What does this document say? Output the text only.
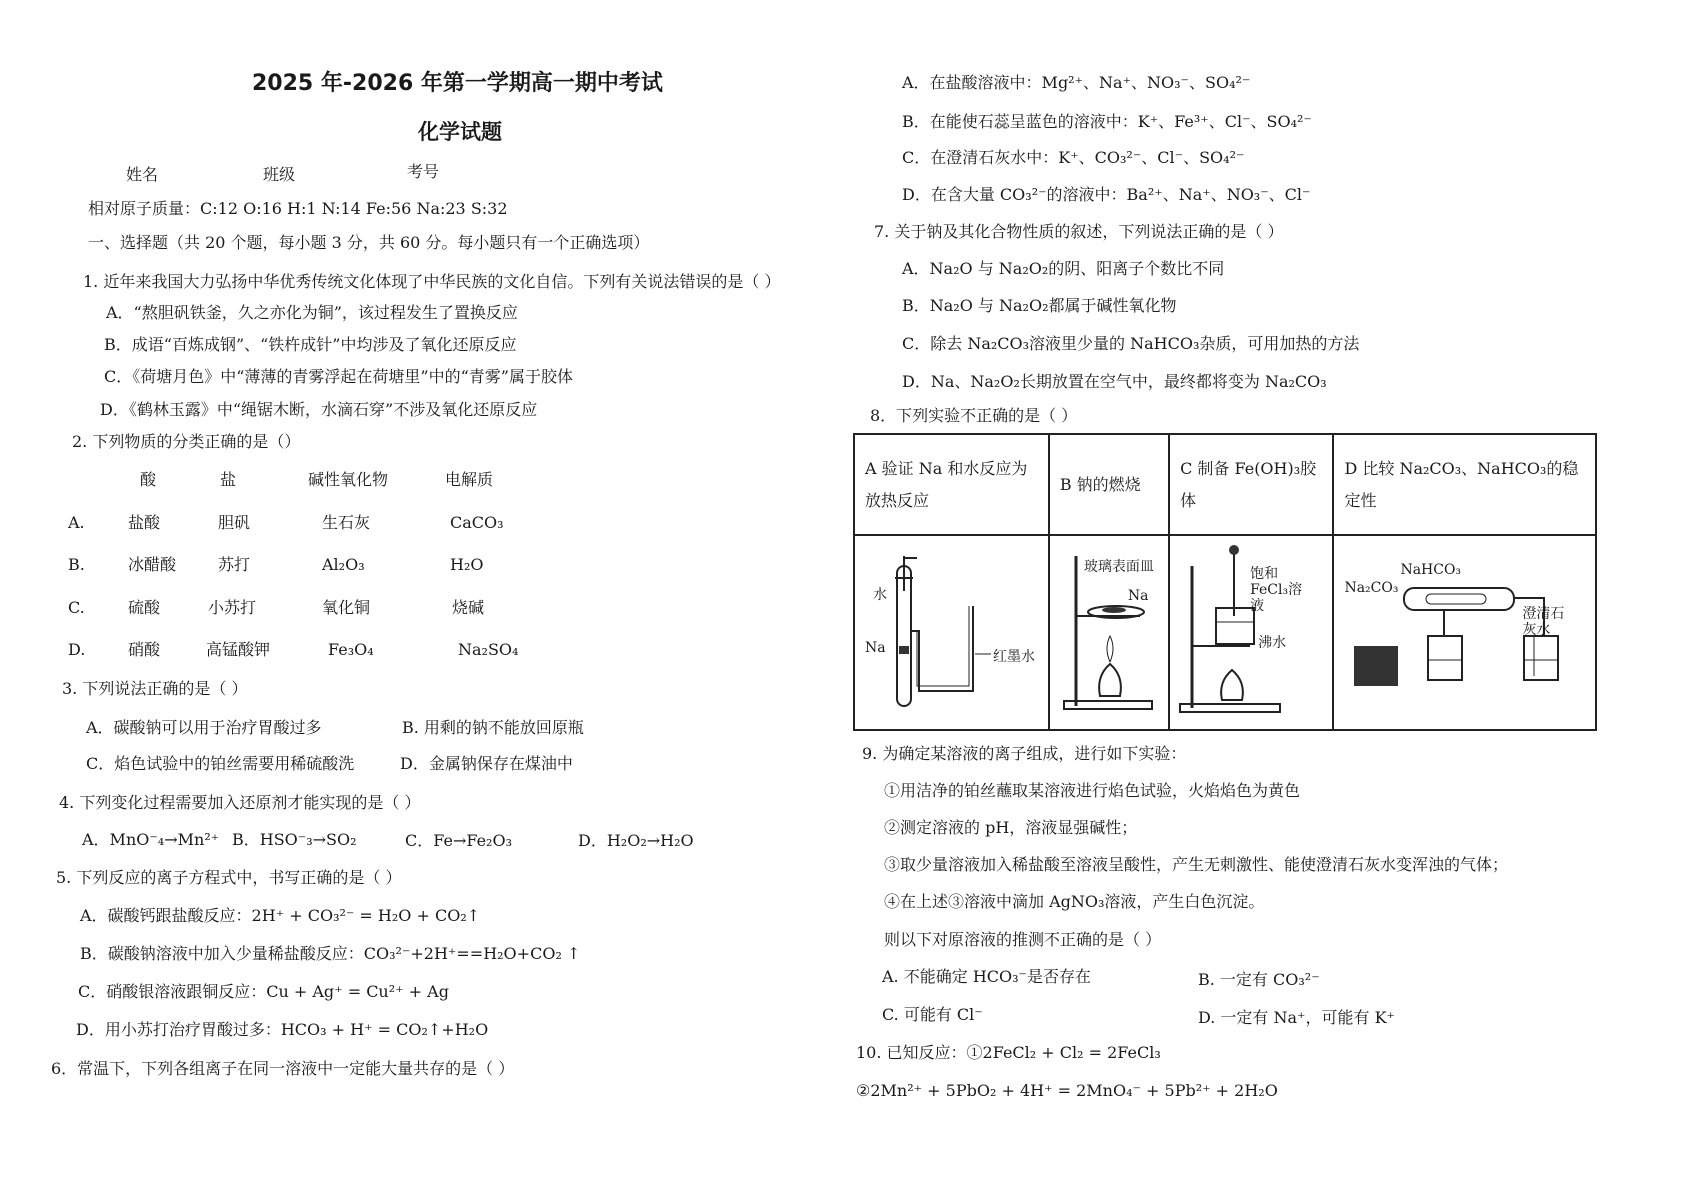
2025 年-2026 年第一学期高一期中考试
化学试题
姓名	班级	考号
相对原子质量：C:12 O:16 H:1 N:14 Fe:56 Na:23 S:32
一、选择题（共 20 个题，每小题 3 分，共 60 分。每小题只有一个正确选项）
1. 近年来我国大力弘扬中华优秀传统文化体现了中华民族的文化自信。下列有关说法错误的是（ ）
A．“熬胆矾铁釜，久之亦化为铜”，该过程发生了置换反应
B．成语“百炼成钢”、“铁杵成针”中均涉及了氧化还原反应
C．《荷塘月色》中“薄薄的青雾浮起在荷塘里”中的“青雾”属于胶体
D．《鹤林玉露》中“绳锯木断，水滴石穿”不涉及氧化还原反应
2. 下列物质的分类正确的是（）
酸	盐	碱性氧化物	电解质
A.	盐酸	胆矾	生石灰	CaCO₃
B.	冰醋酸	苏打	Al₂O₃	H₂O
C.	硫酸	小苏打	氧化铜	烧碱
D.	硝酸	高锰酸钾	Fe₃O₄	Na₂SO₄
3. 下列说法正确的是（ ）
A．碳酸钠可以用于治疗胃酸过多	B. 用剩的钠不能放回原瓶
C．焰色试验中的铂丝需要用稀硫酸洗	D．金属钠保存在煤油中
4. 下列变化过程需要加入还原剂才能实现的是（ ）
A．MnO⁻₄→Mn²⁺ B．HSO⁻₃→SO₂	C．Fe→Fe₂O₃	D．H₂O₂→H₂O
5. 下列反应的离子方程式中，书写正确的是（ ）
A．碳酸钙跟盐酸反应：2H⁺ + CO₃²⁻ = H₂O + CO₂↑
B．碳酸钠溶液中加入少量稀盐酸反应：CO₃²⁻+2H⁺==H₂O+CO₂ ↑
C．硝酸银溶液跟铜反应：Cu + Ag⁺ = Cu²⁺ + Ag
D．用小苏打治疗胃酸过多：HCO₃ + H⁺ = CO₂↑+H₂O
6．常温下，下列各组离子在同一溶液中一定能大量共存的是（ ）
A．在盐酸溶液中：Mg²⁺、Na⁺、NO₃⁻、SO₄²⁻
B．在能使石蕊呈蓝色的溶液中：K⁺、Fe³⁺、Cl⁻、SO₄²⁻
C．在澄清石灰水中：K⁺、CO₃²⁻、Cl⁻、SO₄²⁻
D．在含大量 CO₃²⁻的溶液中：Ba²⁺、Na⁺、NO₃⁻、Cl⁻
7. 关于钠及其化合物性质的叙述，下列说法正确的是（ ）
A．Na₂O 与 Na₂O₂的阴、阳离子个数比不同
B．Na₂O 与 Na₂O₂都属于碱性氧化物
C．除去 Na₂CO₃溶液里少量的 NaHCO₃杂质，可用加热的方法
D．Na、Na₂O₂长期放置在空气中，最终都将变为 Na₂CO₃
8．下列实验不正确的是（ ）
A 验证 Na 和水反应为放热反应	B 钠的燃烧	C 制备 Fe(OH)₃胶体	D 比较 Na₂CO₃、NaHCO₃的稳定性

水
Na
红墨水	玻璃表面皿
Na	饱和FeCl₃溶液
沸水	NaHCO₃
Na₂CO₃
澄清石灰水
9. 为确定某溶液的离子组成，进行如下实验：
①用洁净的铂丝蘸取某溶液进行焰色试验，火焰焰色为黄色
②测定溶液的 pH，溶液显强碱性；
③取少量溶液加入稀盐酸至溶液呈酸性，产生无刺激性、能使澄清石灰水变浑浊的气体；
④在上述③溶液中滴加 AgNO₃溶液，产生白色沉淀。
则以下对原溶液的推测不正确的是（ ）
A. 不能确定 HCO₃⁻是否存在	B. 一定有 CO₃²⁻
C. 可能有 Cl⁻	D. 一定有 Na⁺，可能有 K⁺
10. 已知反应：①2FeCl₂ + Cl₂ = 2FeCl₃
②2Mn²⁺ + 5PbO₂ + 4H⁺ = 2MnO₄⁻ + 5Pb²⁺ + 2H₂O
